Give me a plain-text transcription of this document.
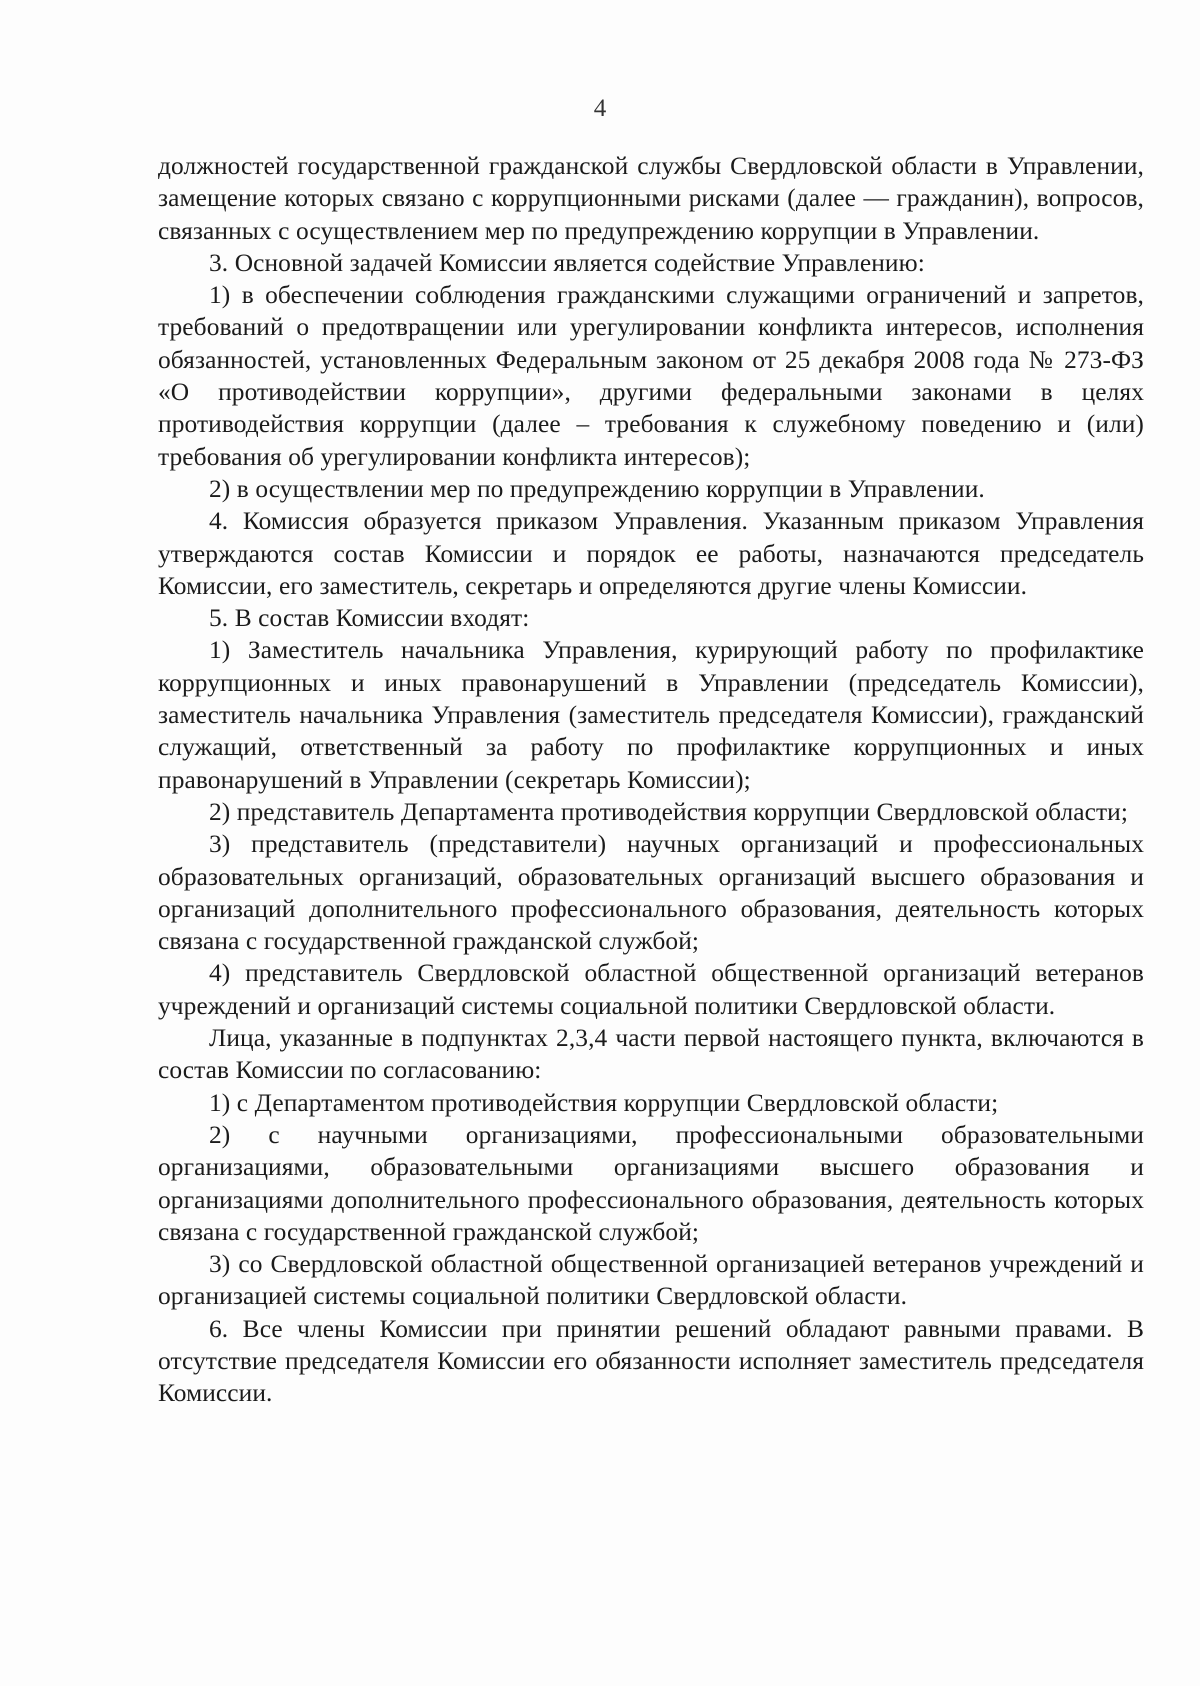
4

должностей государственной гражданской службы Свердловской области в Управлении, замещение которых связано с коррупционными рисками (далее — гражданин), вопросов, связанных с осуществлением мер по предупреждению коррупции в Управлении.

3. Основной задачей Комиссии является содействие Управлению:

1) в обеспечении соблюдения гражданскими служащими ограничений и запретов, требований о предотвращении или урегулировании конфликта интересов, исполнения обязанностей, установленных Федеральным законом от 25 декабря 2008 года № 273-ФЗ «О противодействии коррупции», другими федеральными законами в целях противодействия коррупции (далее – требования к служебному поведению и (или) требования об урегулировании конфликта интересов);

2) в осуществлении мер по предупреждению коррупции в Управлении.

4. Комиссия образуется приказом Управления. Указанным приказом Управления утверждаются состав Комиссии и порядок ее работы, назначаются председатель Комиссии, его заместитель, секретарь и определяются другие члены Комиссии.

5. В состав Комиссии входят:

1) Заместитель начальника Управления, курирующий работу по профилактике коррупционных и иных правонарушений в Управлении (председатель Комиссии), заместитель начальника Управления (заместитель председателя Комиссии), гражданский служащий, ответственный за работу по профилактике коррупционных и иных правонарушений в Управлении (секретарь Комиссии);

2) представитель Департамента противодействия коррупции Свердловской области;

3) представитель (представители) научных организаций и профессиональных образовательных организаций, образовательных организаций высшего образования и организаций дополнительного профессионального образования, деятельность которых связана с государственной гражданской службой;

4) представитель Свердловской областной общественной организаций ветеранов учреждений и организаций системы социальной политики Свердловской области.

Лица, указанные в подпунктах 2,3,4 части первой настоящего пункта, включаются в состав Комиссии по согласованию:

1) с Департаментом противодействия коррупции Свердловской области;

2) с научными организациями, профессиональными образовательными организациями, образовательными организациями высшего образования и организациями дополнительного профессионального образования, деятельность которых связана с государственной гражданской службой;

3) со Свердловской областной общественной организацией ветеранов учреждений и организацией системы социальной политики Свердловской области.

6. Все члены Комиссии при принятии решений обладают равными правами. В отсутствие председателя Комиссии его обязанности исполняет заместитель председателя Комиссии.
